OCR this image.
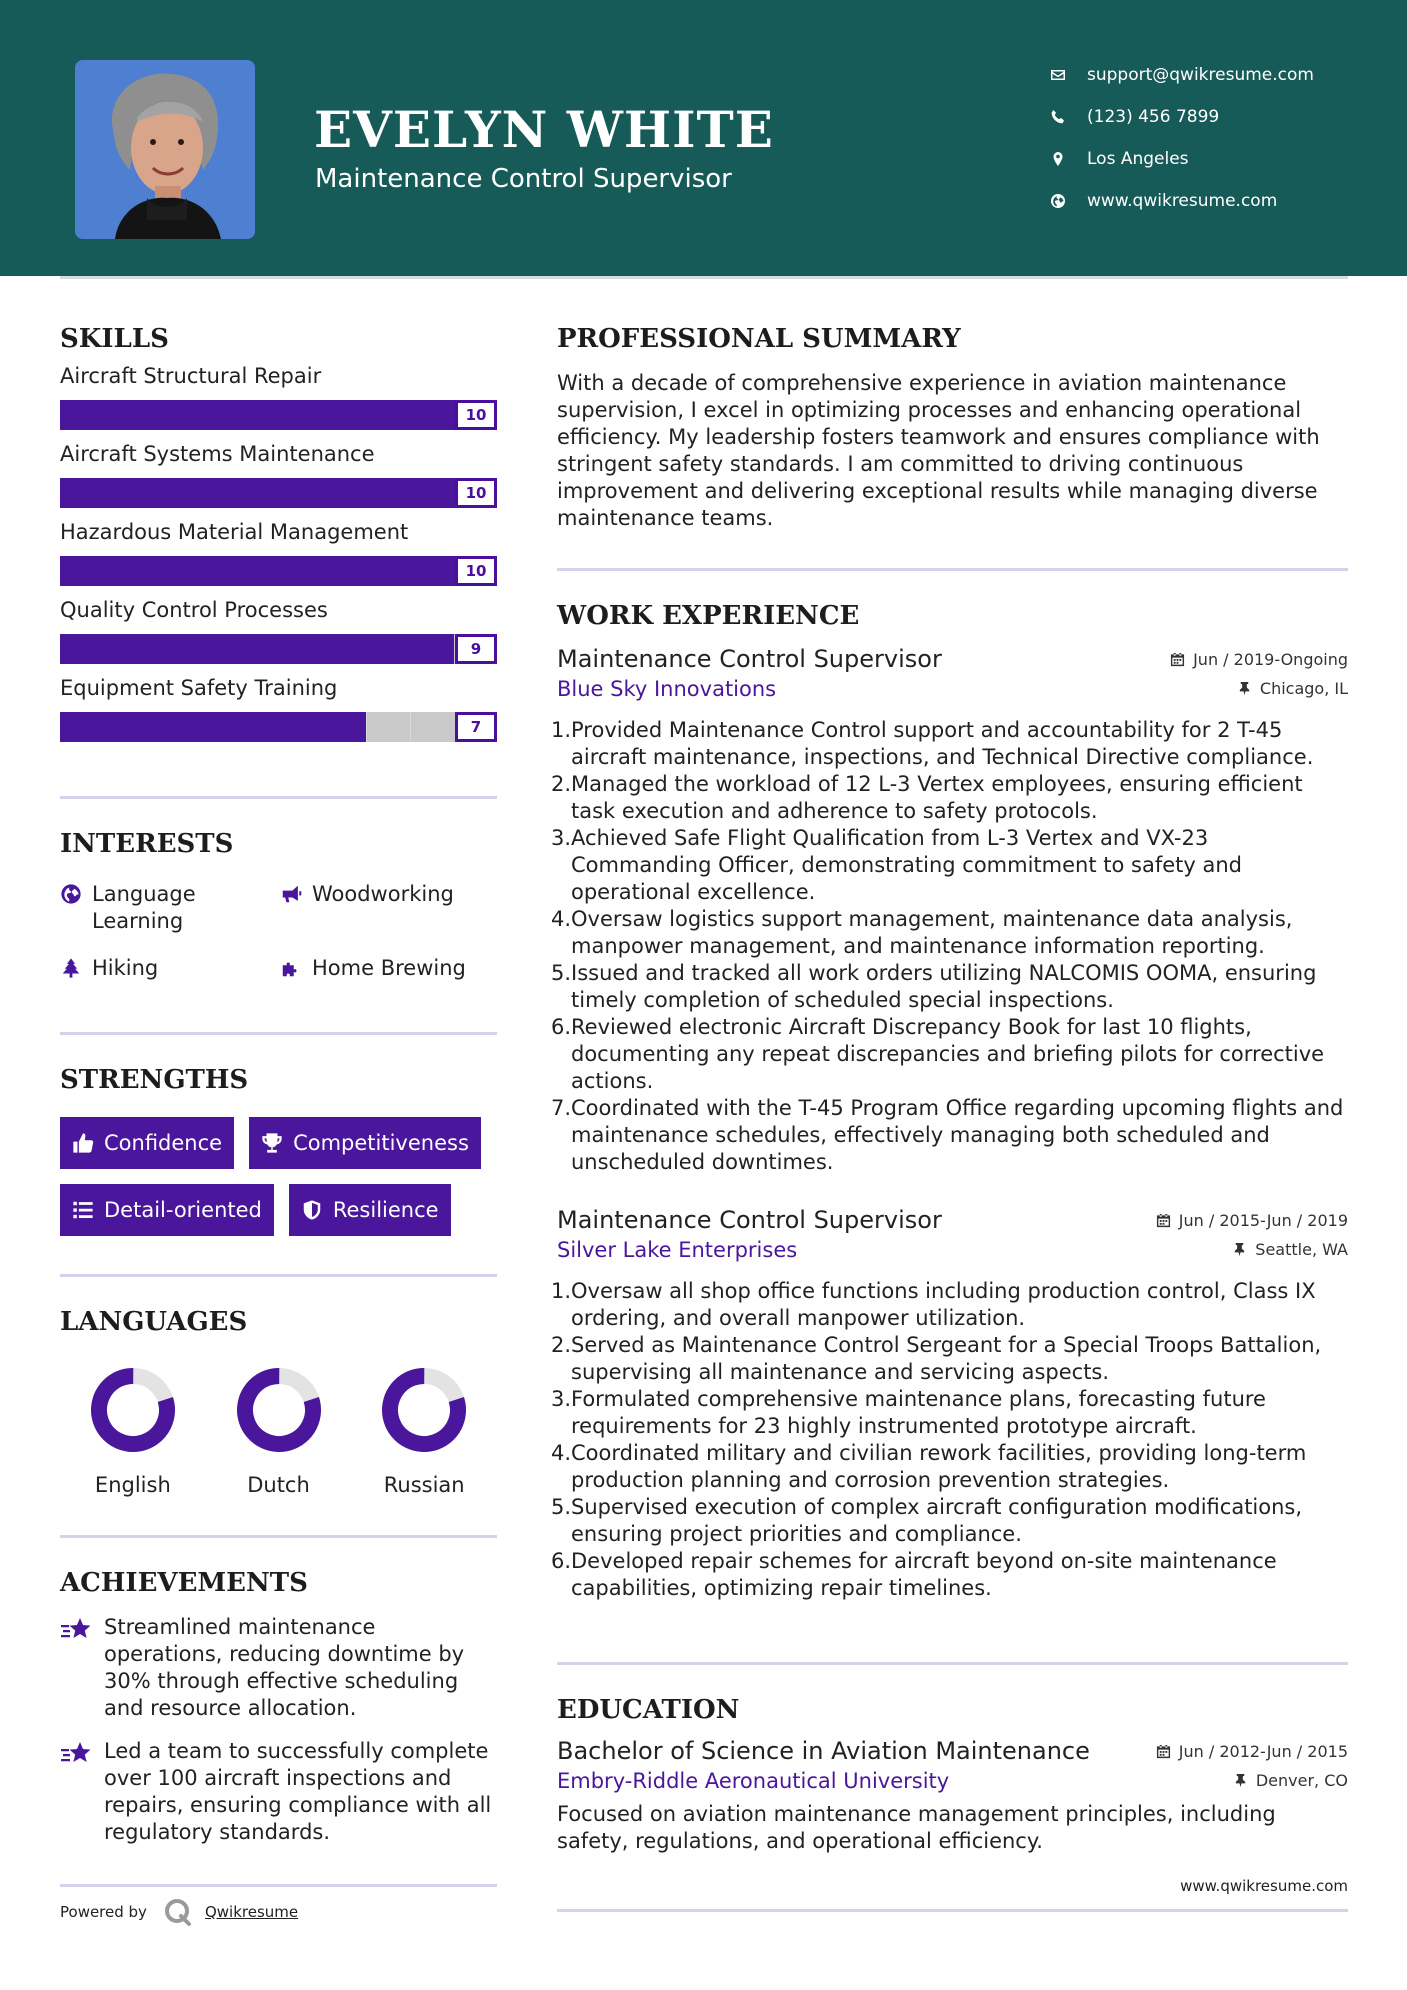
EVELYN WHITE
Maintenance Control Supervisor
support@qwikresume.com
(123) 456 7899
Los Angeles
www.qwikresume.com
SKILLS
Aircraft Structural Repair
10
Aircraft Systems Maintenance
10
Hazardous Material Management
10
Quality Control Processes
9
Equipment Safety Training
7
INTERESTS
Language Learning
Woodworking
Hiking	Home Brewing
STRENGTHS
Confidence	Competitiveness
Detail-oriented	Resilience
LANGUAGES
English	Dutch	Russian
ACHIEVEMENTS
Streamlined maintenance operations, reducing downtime by 30% through effective scheduling and resource allocation.
Led a team to successfully complete over 100 aircraft inspections and repairs, ensuring compliance with all regulatory standards.
Powered by	Qwikresume
PROFESSIONAL SUMMARY
With a decade of comprehensive experience in aviation maintenance supervision, I excel in optimizing processes and enhancing operational efficiency. My leadership fosters teamwork and ensures compliance with stringent safety standards. I am committed to driving continuous improvement and delivering exceptional results while managing diverse maintenance teams.
WORK EXPERIENCE
Maintenance Control Supervisor	Jun / 2019-Ongoing
Blue Sky Innovations	Chicago, IL
1. Provided Maintenance Control support and accountability for 2 T-45 aircraft maintenance, inspections, and Technical Directive compliance.
2. Managed the workload of 12 L-3 Vertex employees, ensuring efficient task execution and adherence to safety protocols.
3. Achieved Safe Flight Qualification from L-3 Vertex and VX-23 Commanding Officer, demonstrating commitment to safety and operational excellence.
4. Oversaw logistics support management, maintenance data analysis, manpower management, and maintenance information reporting.
5. Issued and tracked all work orders utilizing NALCOMIS OOMA, ensuring timely completion of scheduled special inspections.
6. Reviewed electronic Aircraft Discrepancy Book for last 10 flights, documenting any repeat discrepancies and briefing pilots for corrective actions.
7. Coordinated with the T-45 Program Office regarding upcoming flights and maintenance schedules, effectively managing both scheduled and unscheduled downtimes.
Maintenance Control Supervisor	Jun / 2015-Jun / 2019
Silver Lake Enterprises	Seattle, WA
1. Oversaw all shop office functions including production control, Class IX ordering, and overall manpower utilization.
2. Served as Maintenance Control Sergeant for a Special Troops Battalion, supervising all maintenance and servicing aspects.
3. Formulated comprehensive maintenance plans, forecasting future requirements for 23 highly instrumented prototype aircraft.
4. Coordinated military and civilian rework facilities, providing long-term production planning and corrosion prevention strategies.
5. Supervised execution of complex aircraft configuration modifications, ensuring project priorities and compliance.
6. Developed repair schemes for aircraft beyond on-site maintenance capabilities, optimizing repair timelines.
EDUCATION
Bachelor of Science in Aviation Maintenance	Jun / 2012-Jun / 2015
Embry-Riddle Aeronautical University	Denver, CO
Focused on aviation maintenance management principles, including safety, regulations, and operational efficiency.
www.qwikresume.com
